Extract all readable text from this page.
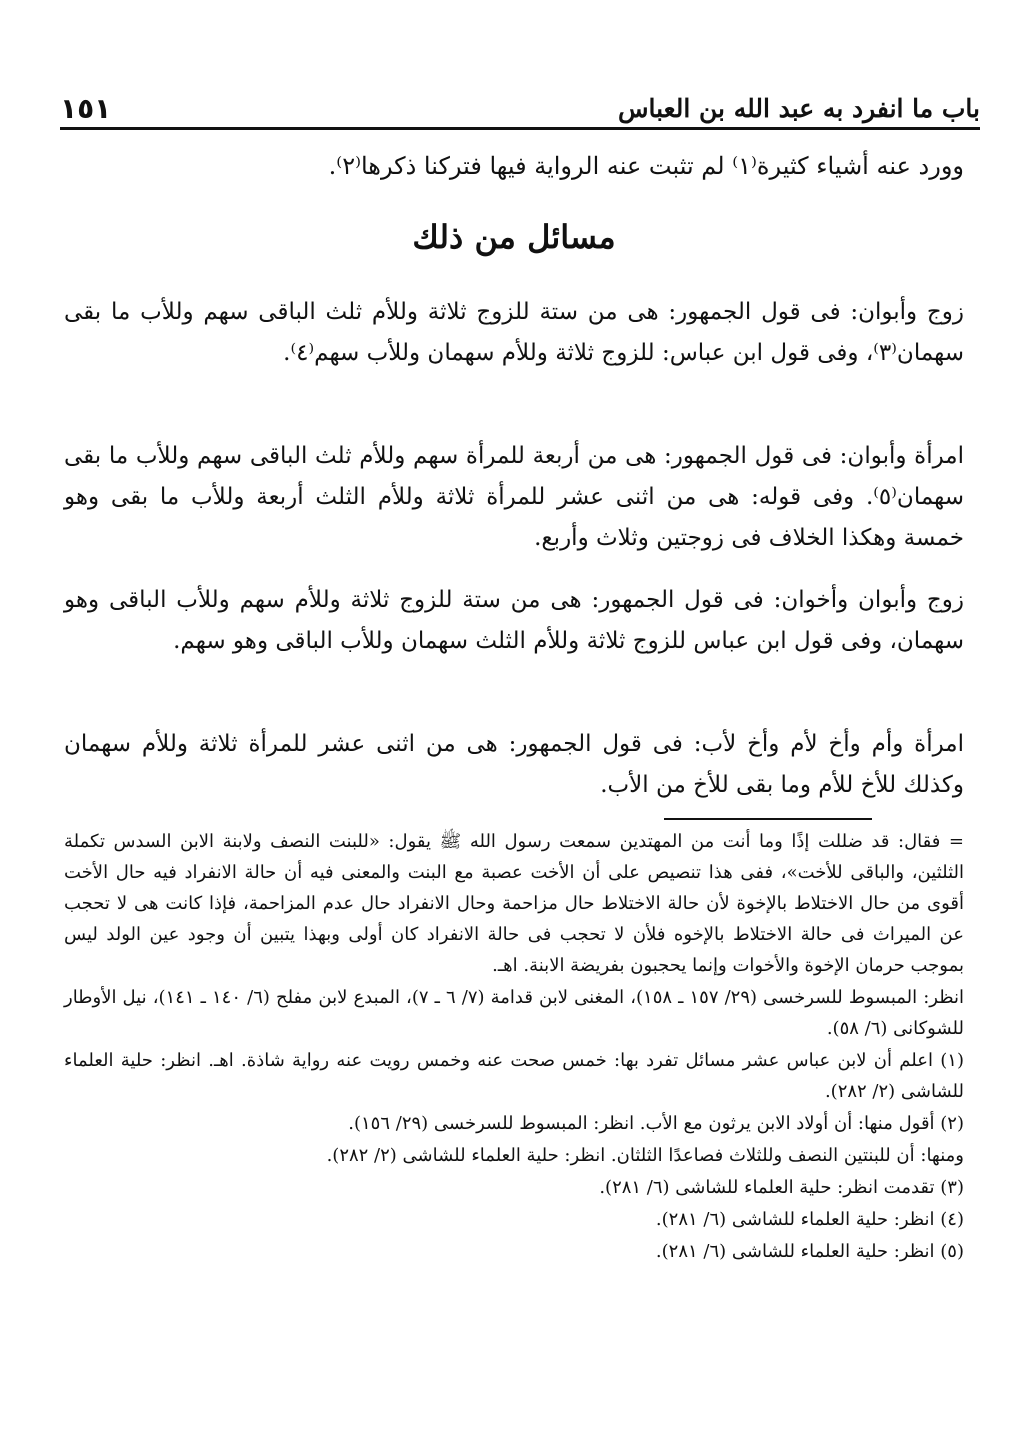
باب ما انفرد به عبد الله بن العباس
١٥١
وورد عنه أشياء كثيرة⁽١⁾ لم تثبت عنه الرواية فيها فتركنا ذكرها⁽٢⁾.
مسائل من ذلك
زوج وأبوان: فى قول الجمهور: هى من ستة للزوج ثلاثة وللأم ثلث الباقى سهم وللأب ما بقى سهمان⁽٣⁾، وفى قول ابن عباس: للزوج ثلاثة وللأم سهمان وللأب سهم⁽٤⁾.
امرأة وأبوان: فى قول الجمهور: هى من أربعة للمرأة سهم وللأم ثلث الباقى سهم وللأب ما بقى سهمان⁽٥⁾. وفى قوله: هى من اثنى عشر للمرأة ثلاثة وللأم الثلث أربعة وللأب ما بقى وهو خمسة وهكذا الخلاف فى زوجتين وثلاث وأربع.
زوج وأبوان وأخوان: فى قول الجمهور: هى من ستة للزوج ثلاثة وللأم سهم وللأب الباقى وهو سهمان، وفى قول ابن عباس للزوج ثلاثة وللأم الثلث سهمان وللأب الباقى وهو سهم.
امرأة وأم وأخ لأم وأخ لأب: فى قول الجمهور: هى من اثنى عشر للمرأة ثلاثة وللأم سهمان وكذلك للأخ للأم وما بقى للأخ من الأب.

= فقال: قد ضللت إذًا وما أنت من المهتدين سمعت رسول الله ﷺ يقول: «للبنت النصف ولابنة الابن السدس تكملة الثلثين، والباقى للأخت»، ففى هذا تنصيص على أن الأخت عصبة مع البنت والمعنى فيه أن حالة الانفراد فيه حال الأخت أقوى من حال الاختلاط بالإخوة لأن حالة الاختلاط حال مزاحمة وحال الانفراد حال عدم المزاحمة، فإذا كانت هى لا تحجب عن الميراث فى حالة الاختلاط بالإخوه فلأن لا تحجب فى حالة الانفراد كان أولى وبهذا يتبين أن وجود عين الولد ليس بموجب حرمان الإخوة والأخوات وإنما يحجبون بفريضة الابنة. اهـ.

انظر: المبسوط للسرخسى (٢٩/ ١٥٧ ـ ١٥٨)، المغنى لابن قدامة (٧/ ٦ ـ ٧)، المبدع لابن مفلح (٦/ ١٤٠ ـ ١٤١)، نيل الأوطار للشوكانى (٦/ ٥٨).

(١) اعلم أن لابن عباس عشر مسائل تفرد بها: خمس صحت عنه وخمس رويت عنه رواية شاذة. اهـ. انظر: حلية العلماء للشاشى (٢/ ٢٨٢).

(٢) أقول منها: أن أولاد الابن يرثون مع الأب. انظر: المبسوط للسرخسى (٢٩/ ١٥٦).

ومنها: أن للبنتين النصف وللثلاث فصاعدًا الثلثان. انظر: حلية العلماء للشاشى (٢/ ٢٨٢).

(٣) تقدمت انظر: حلية العلماء للشاشى (٦/ ٢٨١).

(٤) انظر: حلية العلماء للشاشى (٦/ ٢٨١).

(٥) انظر: حلية العلماء للشاشى (٦/ ٢٨١).
